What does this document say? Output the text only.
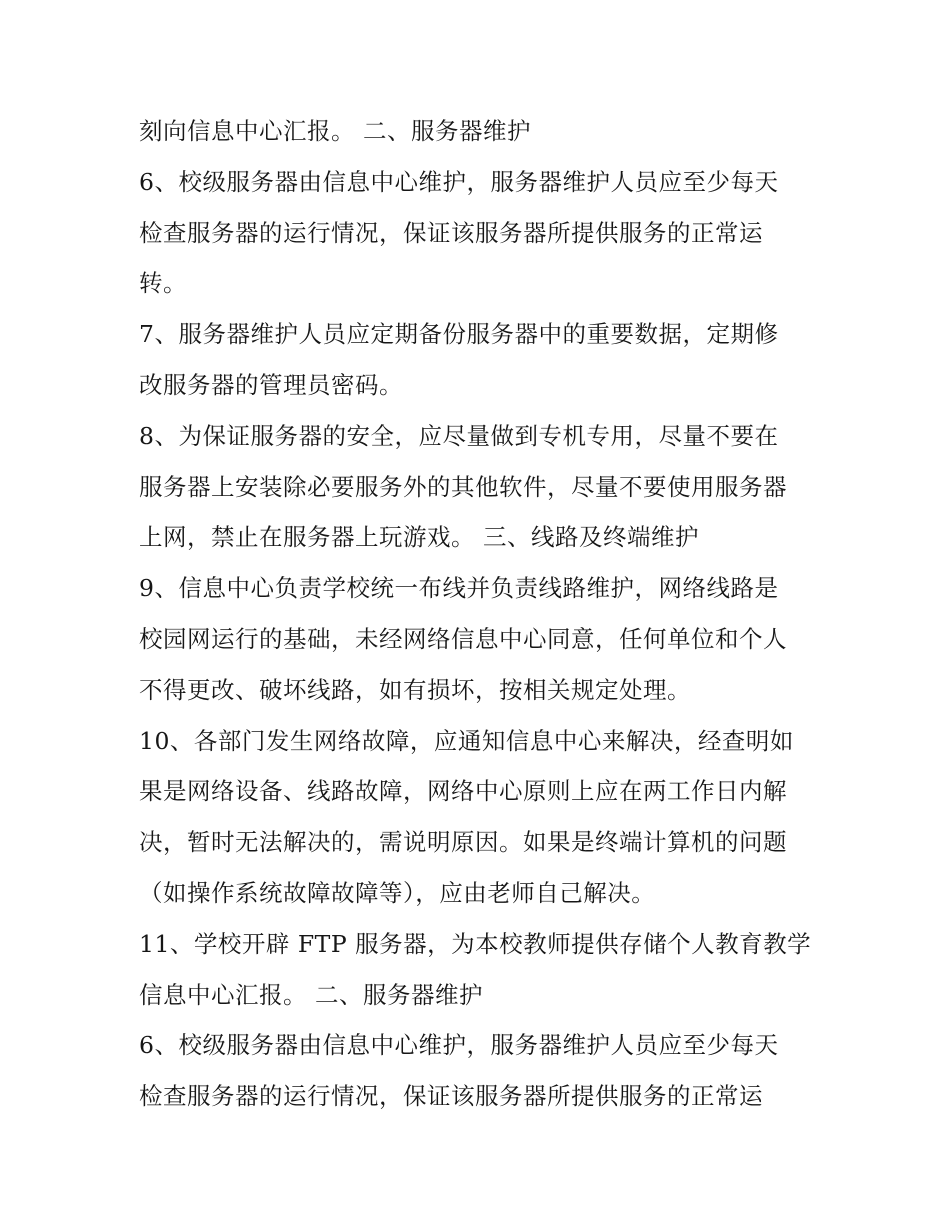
刻向信息中心汇报。 二、服务器维护
6、校级服务器由信息中心维护，服务器维护人员应至少每天
检查服务器的运行情况，保证该服务器所提供服务的正常运
转。
7、服务器维护人员应定期备份服务器中的重要数据，定期修
改服务器的管理员密码。
8、为保证服务器的安全，应尽量做到专机专用，尽量不要在
服务器上安装除必要服务外的其他软件，尽量不要使用服务器
上网，禁止在服务器上玩游戏。 三、线路及终端维护
9、信息中心负责学校统一布线并负责线路维护，网络线路是
校园网运行的基础，未经网络信息中心同意，任何单位和个人
不得更改、破坏线路，如有损坏，按相关规定处理。
10、各部门发生网络故障，应通知信息中心来解决，经查明如
果是网络设备、线路故障，网络中心原则上应在两工作日内解
决，暂时无法解决的，需说明原因。如果是终端计算机的问题
（如操作系统故障故障等），应由老师自己解决。
11、学校开辟 FTP 服务器，为本校教师提供存储个人教育教学
信息中心汇报。 二、服务器维护
6、校级服务器由信息中心维护，服务器维护人员应至少每天
检查服务器的运行情况，保证该服务器所提供服务的正常运
